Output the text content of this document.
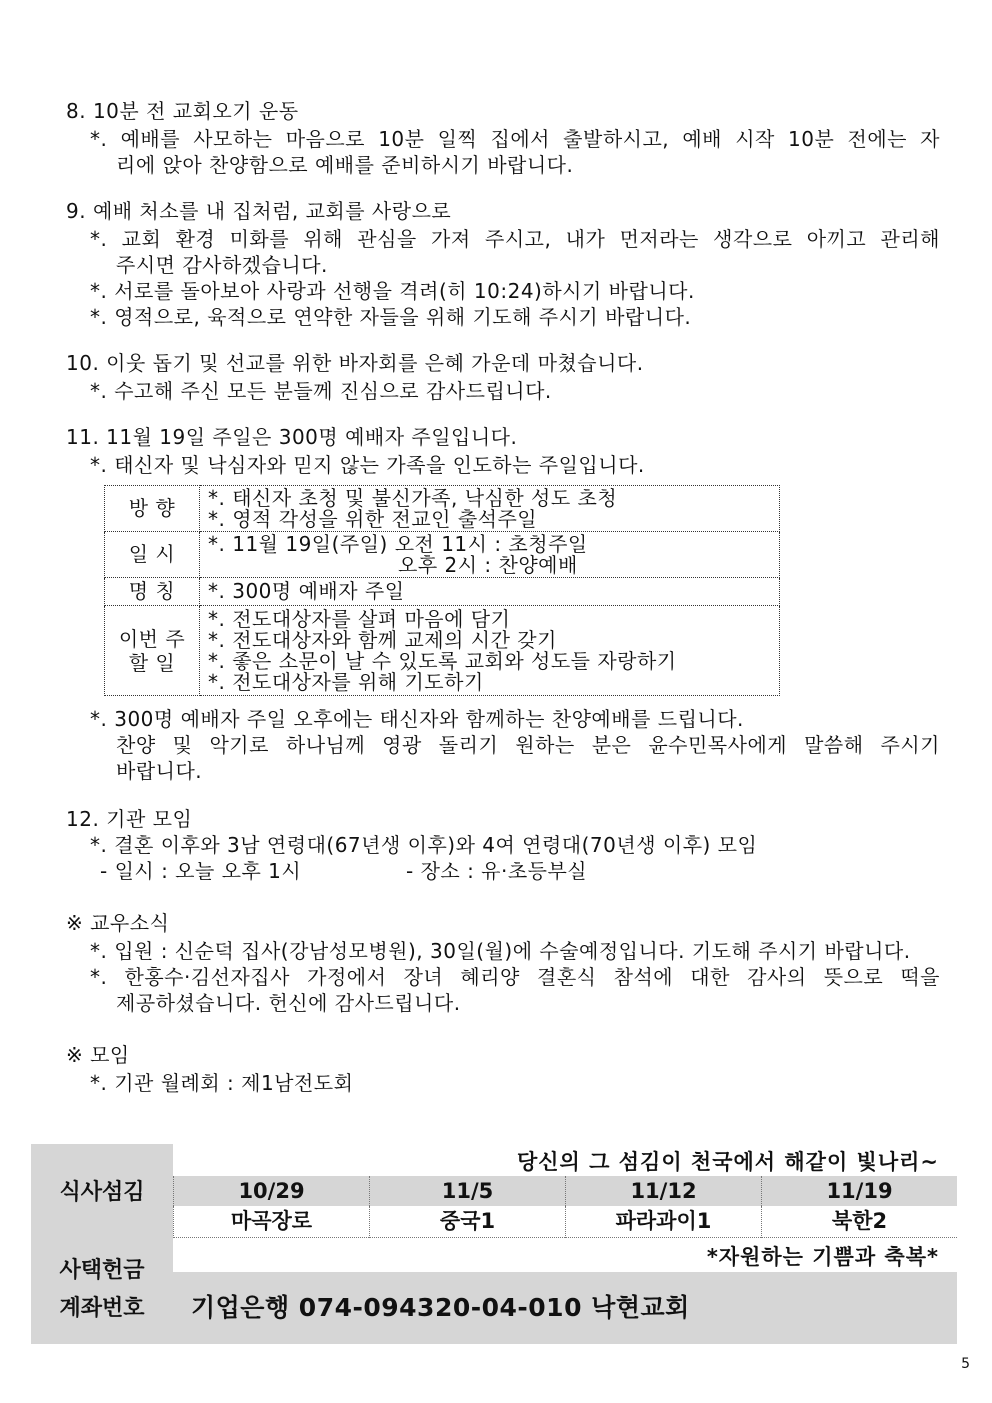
8. 10분 전 교회오기 운동
*. 예배를 사모하는 마음으로 10분 일찍 집에서 출발하시고, 예배 시작 10분 전에는 자
리에 앉아 찬양함으로 예배를 준비하시기 바랍니다.
9. 예배 처소를 내 집처럼, 교회를 사랑으로
*. 교회 환경 미화를 위해 관심을 가져 주시고, 내가 먼저라는 생각으로 아끼고 관리해
주시면 감사하겠습니다.
*. 서로를 돌아보아 사랑과 선행을 격려(히 10:24)하시기 바랍니다.
*. 영적으로, 육적으로 연약한 자들을 위해 기도해 주시기 바랍니다.
10. 이웃 돕기 및 선교를 위한 바자회를 은혜 가운데 마쳤습니다.
*. 수고해 주신 모든 분들께 진심으로 감사드립니다.
11. 11월 19일 주일은 300명 예배자 주일입니다.
*. 태신자 및 낙심자와 믿지 않는 가족을 인도하는 주일입니다.
방 향	*. 태신자 초청 및 불신가족, 낙심한 성도 초청
*. 영적 각성을 위한 전교인 출석주일

일 시	*. 11월 19일(주일) 오전 11시 : 초청주일
오후 2시 : 찬양예배

명 칭	*. 300명 예배자 주일

이번 주 할 일	*. 전도대상자를 살펴 마음에 담기
*. 전도대상자와 함께 교제의 시간 갖기
*. 좋은 소문이 날 수 있도록 교회와 성도들 자랑하기
*. 전도대상자를 위해 기도하기
*. 300명 예배자 주일 오후에는 태신자와 함께하는 찬양예배를 드립니다.
찬양 및 악기로 하나님께 영광 돌리기 원하는 분은 윤수민목사에게 말씀해 주시기
바랍니다.
12. 기관 모임
*. 결혼 이후와 3남 연령대(67년생 이후)와 4여 연령대(70년생 이후) 모임
- 일시 : 오늘 오후 1시	- 장소 : 유·초등부실
※ 교우소식
*. 입원 : 신순덕 집사(강남성모병원), 30일(월)에 수술예정입니다. 기도해 주시기 바랍니다.
*. 한홍수·김선자집사 가정에서 장녀 혜리양 결혼식 참석에 대한 감사의 뜻으로 떡을
제공하셨습니다. 헌신에 감사드립니다.
※ 모임
*. 기관 월례회 : 제1남전도회
당신의 그 섬김이 천국에서 해같이 빛나리~
식사섬김	10/29	11/5	11/12	11/19
마곡장로	중국1	파라과이1	북한2
*자원하는 기쁨과 축복*
사택헌금
계좌번호	기업은행 074-094320-04-010 낙현교회
5
